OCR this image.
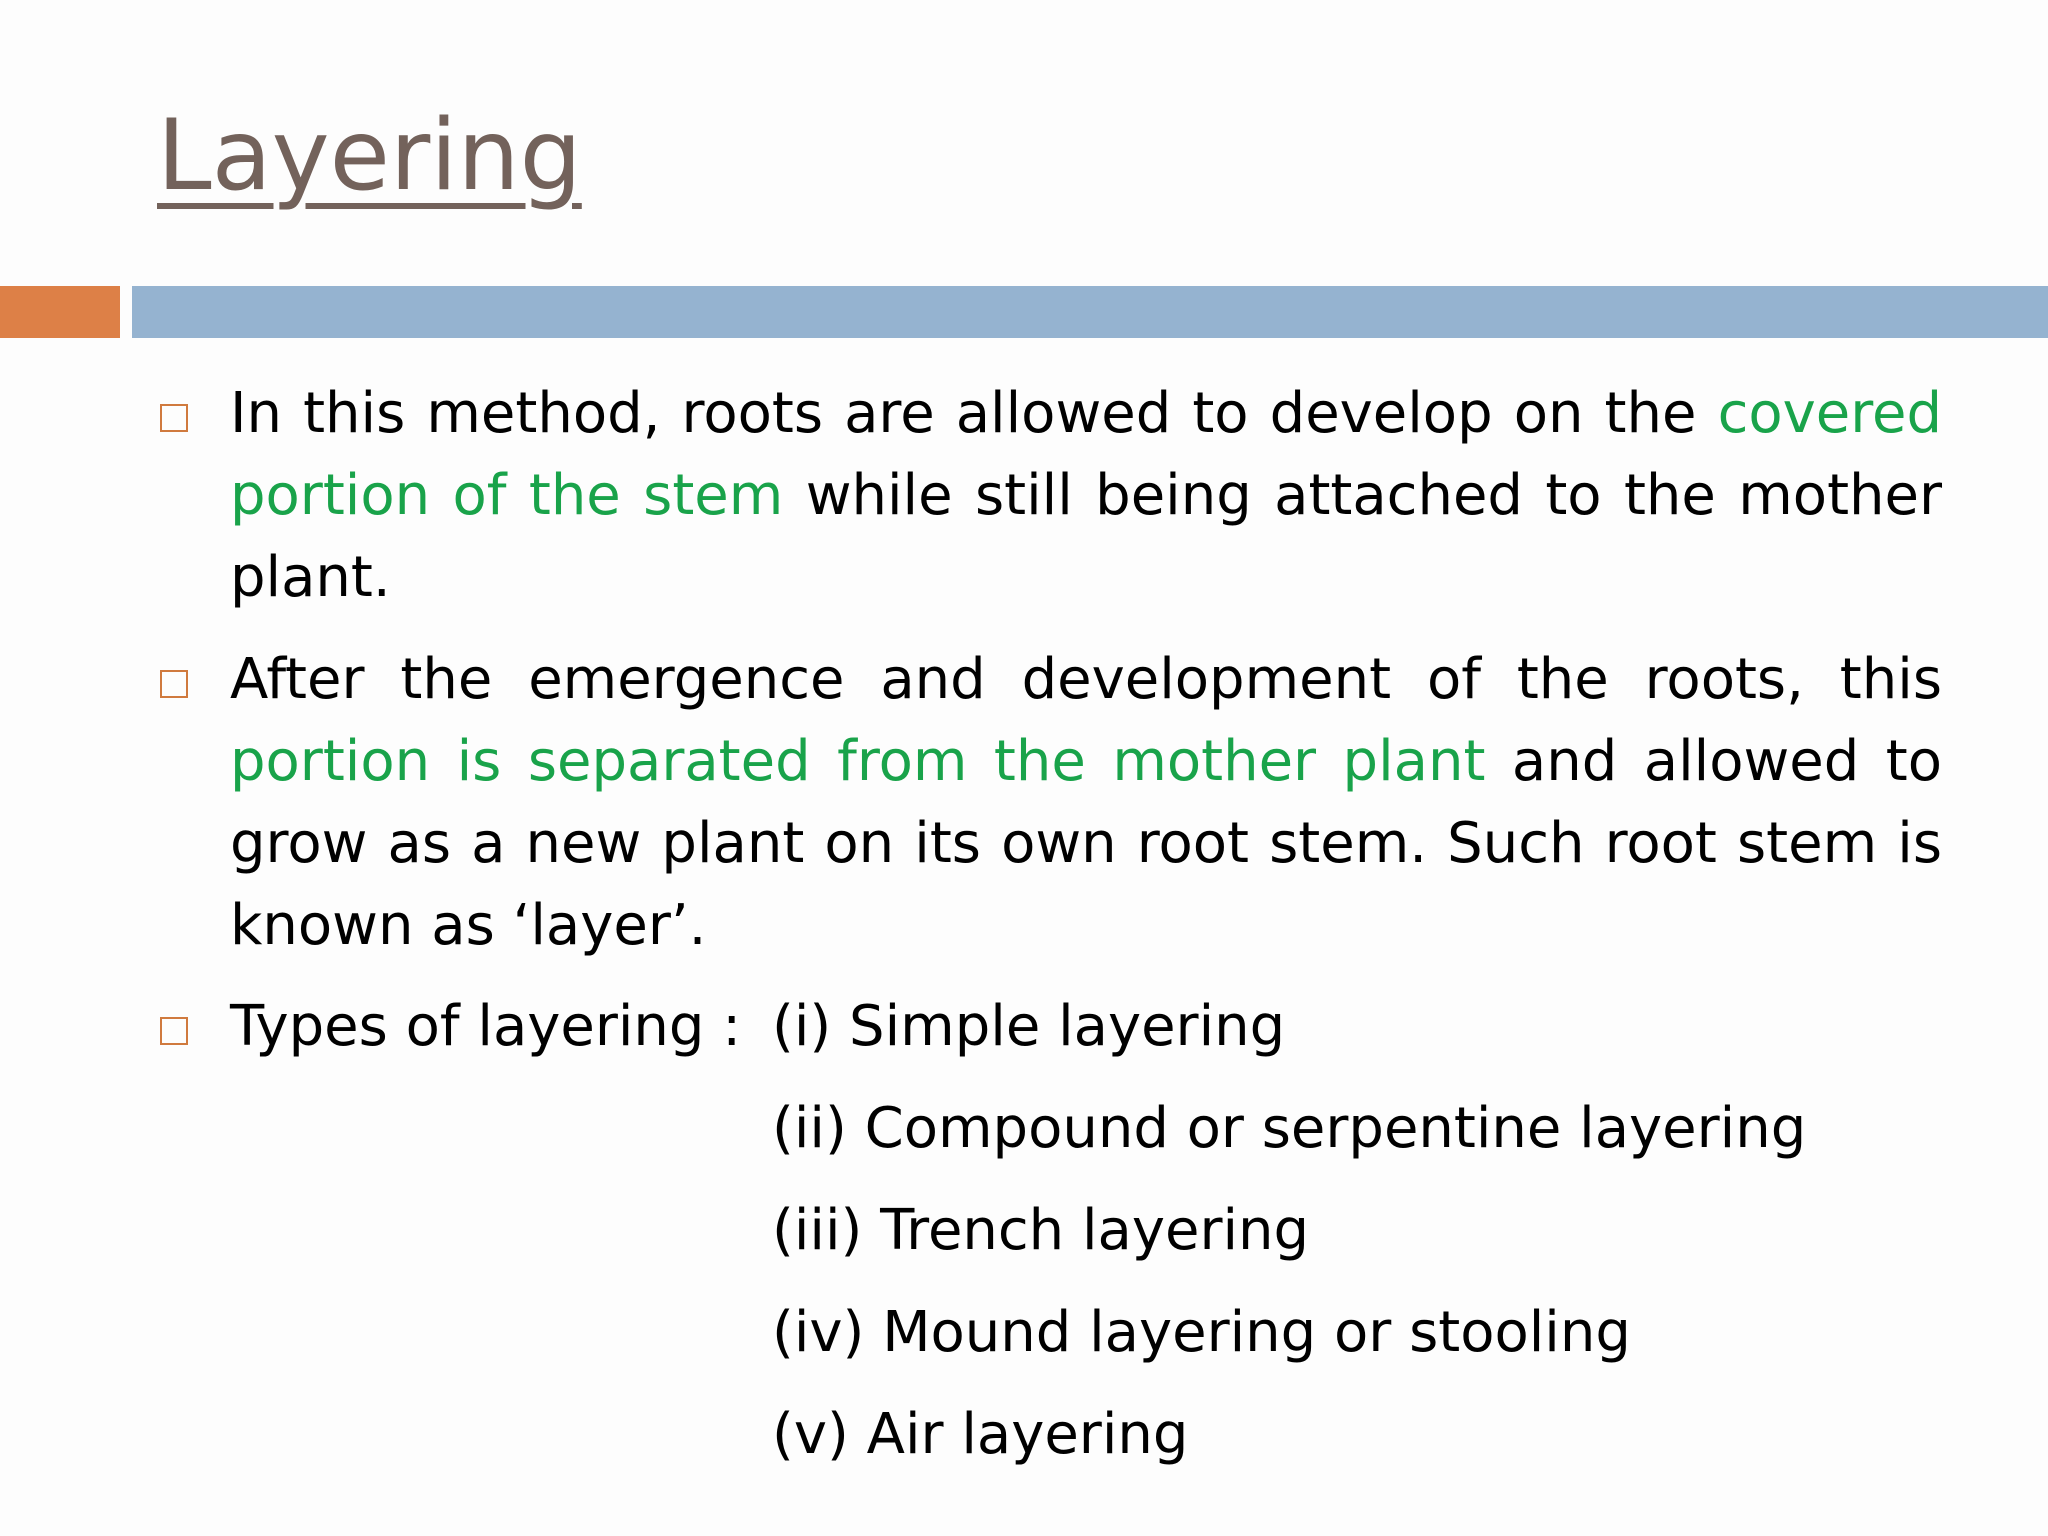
Layering

In this method, roots are allowed to develop on the covered portion of the stem while still being attached to the mother plant.

After the emergence and development of the roots, this portion is separated from the mother plant and allowed to grow as a new plant on its own root stem. Such root stem is known as ‘layer’.

Types of layering : (i) Simple layering
(ii) Compound or serpentine layering
(iii) Trench layering
(iv) Mound layering or stooling
(v) Air layering
